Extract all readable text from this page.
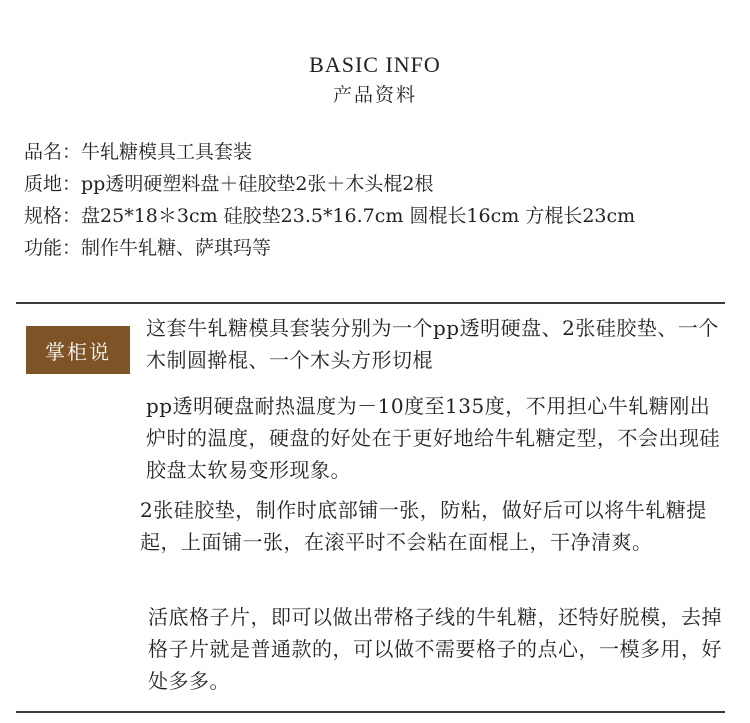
BASIC INFO
产品资料
品名：牛轧糖模具工具套装
质地：pp透明硬塑料盘＋硅胶垫2张＋木头棍2根
规格：盘25*18＊3cm 硅胶垫23.5*16.7cm 圆棍长16cm 方棍长23cm
功能：制作牛轧糖、萨琪玛等
掌柜说
这套牛轧糖模具套装分别为一个pp透明硬盘、2张硅胶垫、一个木制圆擀棍、一个木头方形切棍
pp透明硬盘耐热温度为－10度至135度，不用担心牛轧糖刚出炉时的温度，硬盘的好处在于更好地给牛轧糖定型，不会出现硅胶盘太软易变形现象。
2张硅胶垫，制作时底部铺一张，防粘，做好后可以将牛轧糖提起，上面铺一张，在滚平时不会粘在面棍上，干净清爽。
活底格子片，即可以做出带格子线的牛轧糖，还特好脱模，去掉格子片就是普通款的，可以做不需要格子的点心，一模多用，好处多多。
